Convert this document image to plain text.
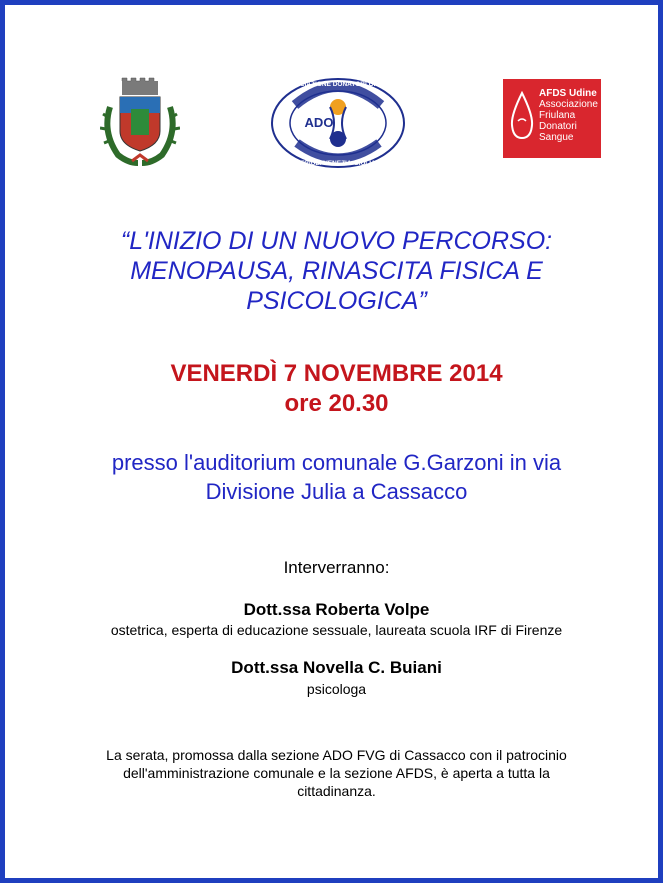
ADO
ASSOCIAZIONE DONATORI ORGANI
FRIULI-VENEZIA-GIULIA
AFDS Udine
Associazione
Friulana
Donatori
Sangue
“L'INIZIO DI UN NUOVO PERCORSO:
MENOPAUSA, RINASCITA FISICA E
PSICOLOGICA”
VENERDÌ 7 NOVEMBRE 2014
ore 20.30
presso l'auditorium comunale G.Garzoni in via
Divisione Julia a Cassacco
Interverranno:
Dott.ssa Roberta Volpe
ostetrica, esperta di educazione sessuale, laureata scuola IRF di Firenze
Dott.ssa Novella C. Buiani
psicologa
La serata, promossa dalla sezione ADO FVG di Cassacco con il patrocinio
dell'amministrazione comunale e la sezione AFDS, è aperta a tutta la
cittadinanza.
